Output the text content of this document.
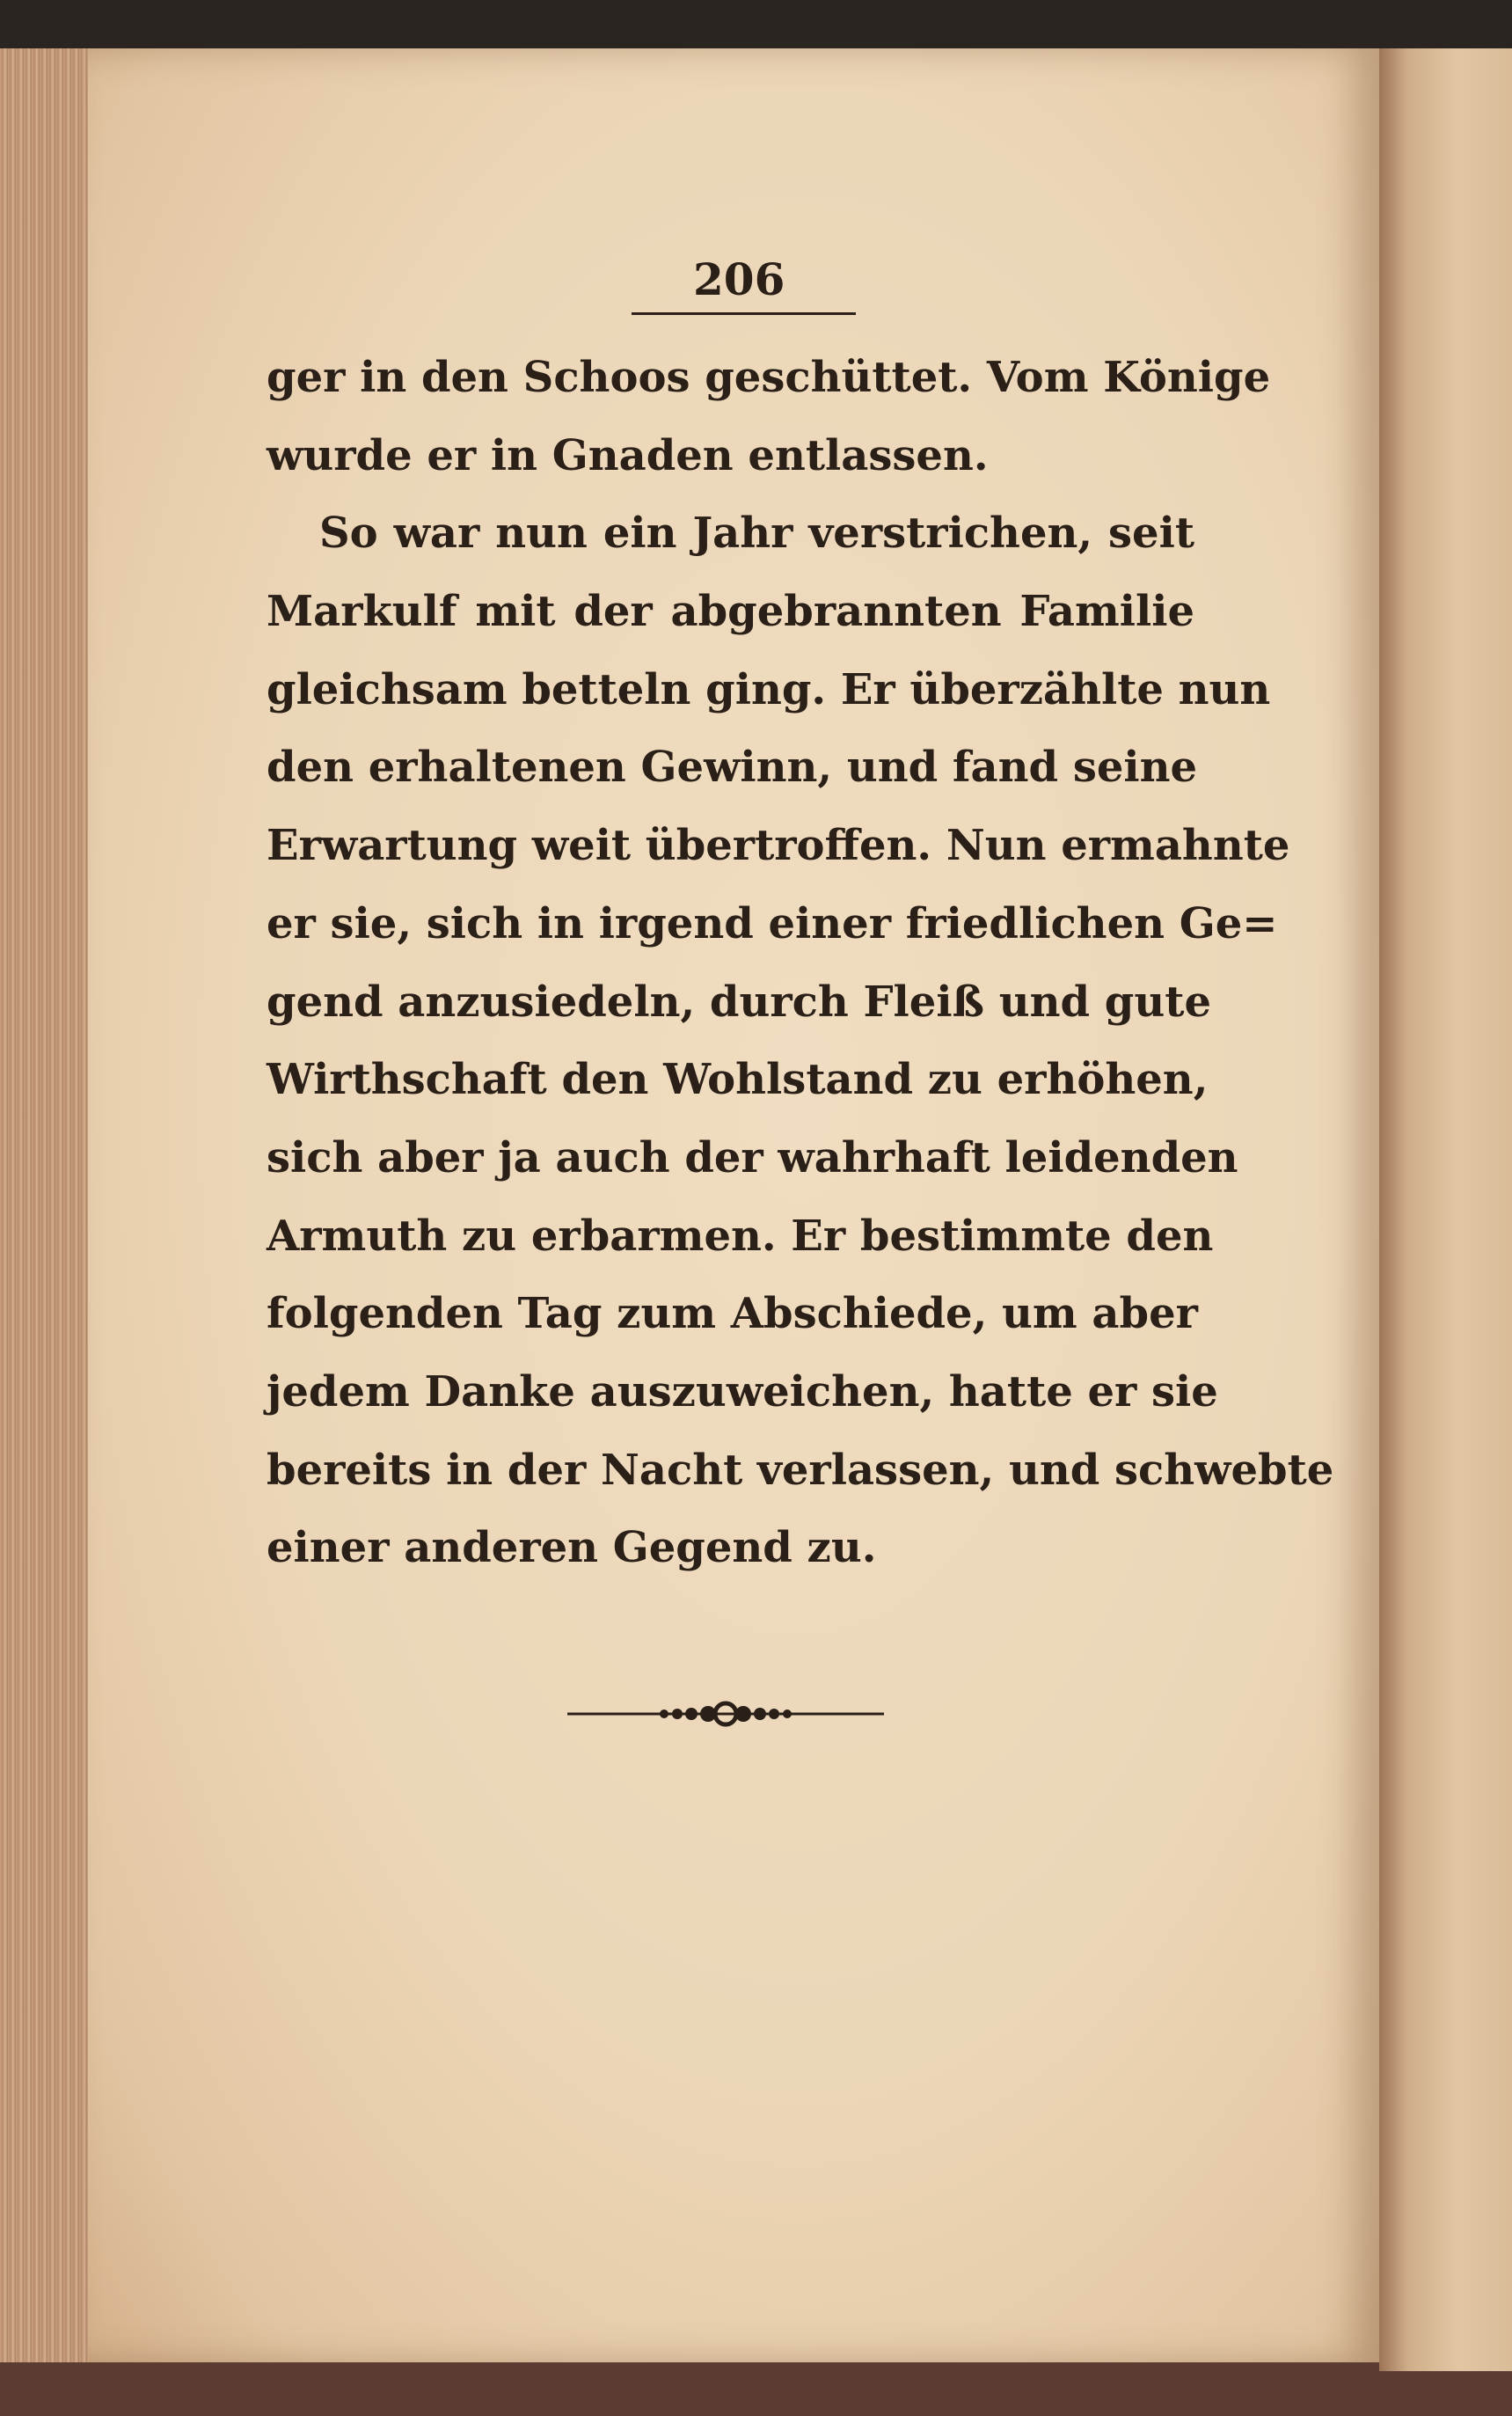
206
ger in den Schoos geschüttet. Vom Könige
wurde er in Gnaden entlassen.
So war nun ein Jahr verstrichen, seit
Markulf mit der abgebrannten Familie
gleichsam betteln ging. Er überzählte nun
den erhaltenen Gewinn, und fand seine
Erwartung weit übertroffen. Nun ermahnte
er sie, sich in irgend einer friedlichen Ge=
gend anzusiedeln, durch Fleiß und gute
Wirthschaft den Wohlstand zu erhöhen,
sich aber ja auch der wahrhaft leidenden
Armuth zu erbarmen. Er bestimmte den
folgenden Tag zum Abschiede, um aber
jedem Danke auszuweichen, hatte er sie
bereits in der Nacht verlassen, und schwebte
einer anderen Gegend zu.
